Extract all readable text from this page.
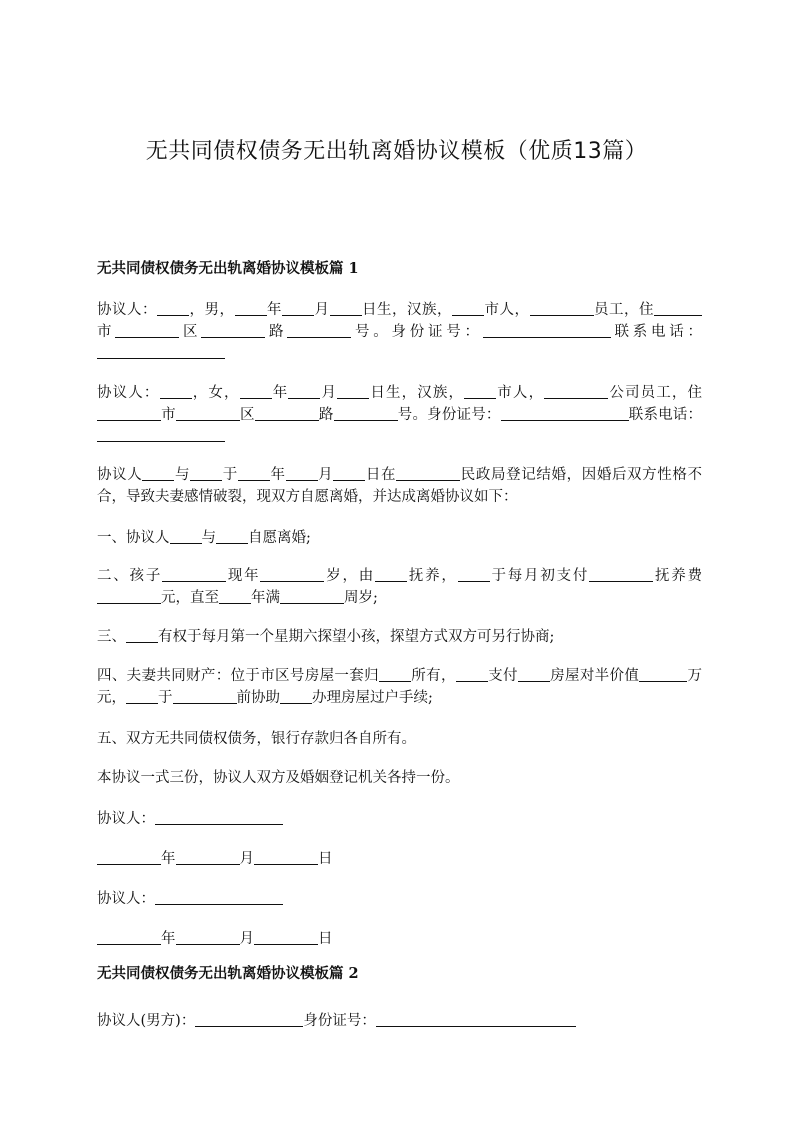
无共同债权债务无出轨离婚协议模板（优质13篇）
无共同债权债务无出轨离婚协议模板篇 1
协议人： ，男， 年 月 日生，汉族， 市人，	员工，住市	区	路	号。身份证号：	联系电话：
协议人： ，女， 年 月 日生，汉族， 市人，	公司员工，住市	区	路	号。身份证号：	联系电话：
协议人 与 于 年 月 日在	民政局登记结婚，因婚后双方性格不合，导致夫妻感情破裂，现双方自愿离婚，并达成离婚协议如下：
一、协议人 与 自愿离婚;
二、孩子	现年	岁，由 抚养， 于每月初支付	抚养费元，直至 年满	周岁;
三、 有权于每月第一个星期六探望小孩，探望方式双方可另行协商;
四、夫妻共同财产：位于市区号房屋一套归 所有， 支付 房屋对半价值	万元， 于	前协助 办理房屋过户手续;
五、双方无共同债权债务，银行存款归各自所有。
本协议一式三份，协议人双方及婚姻登记机关各持一份。
协议人：
年	月	日
协议人：
年	月	日
无共同债权债务无出轨离婚协议模板篇 2
协议人(男方)：	身份证号：
